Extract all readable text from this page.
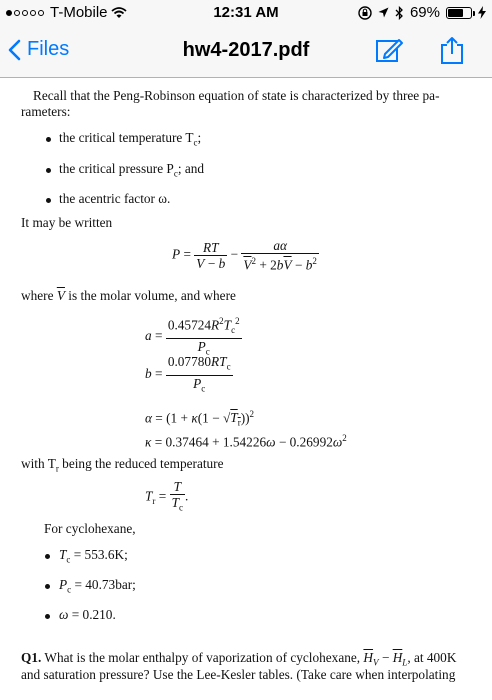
T-Mobile	12:31 AM	69%
Files	hw4-2017.pdf
Recall that the Peng-Robinson equation of state is characterized by three pa-
rameters:
the critical temperature $T_c$;
the critical pressure $P_c$; and
the acentric factor ω.
It may be written
$P = \frac{RT}{\overline{V} - b} - \frac{a\alpha}{\overline{V}^2 + 2b\overline{V} - b^2}$
where $\overline{V}$ is the molar volume, and where
$a = \frac{0.45724R^2T_c^2}{P_c}$
$b = \frac{0.07780RT_c}{P_c}$
$\alpha = (1 + \kappa(1 - √T_r))^2$
$\kappa = 0.37464 + 1.54226\omega - 0.26992\omega^2$
with $T_r$ being the reduced temperature
$T_r = \frac{T}{T_c}$ .
For cyclohexane,
$T_c = 553.6K$;
$P_c = 40.73bar$;
ω = 0.210.
Q1. What is the molar enthalpy of vaporization of cyclohexane, $\overline{H}_V - \overline{H}_L$, at 400K
and saturation pressure? Use the Lee-Kesler tables. (Take care when interpolating
